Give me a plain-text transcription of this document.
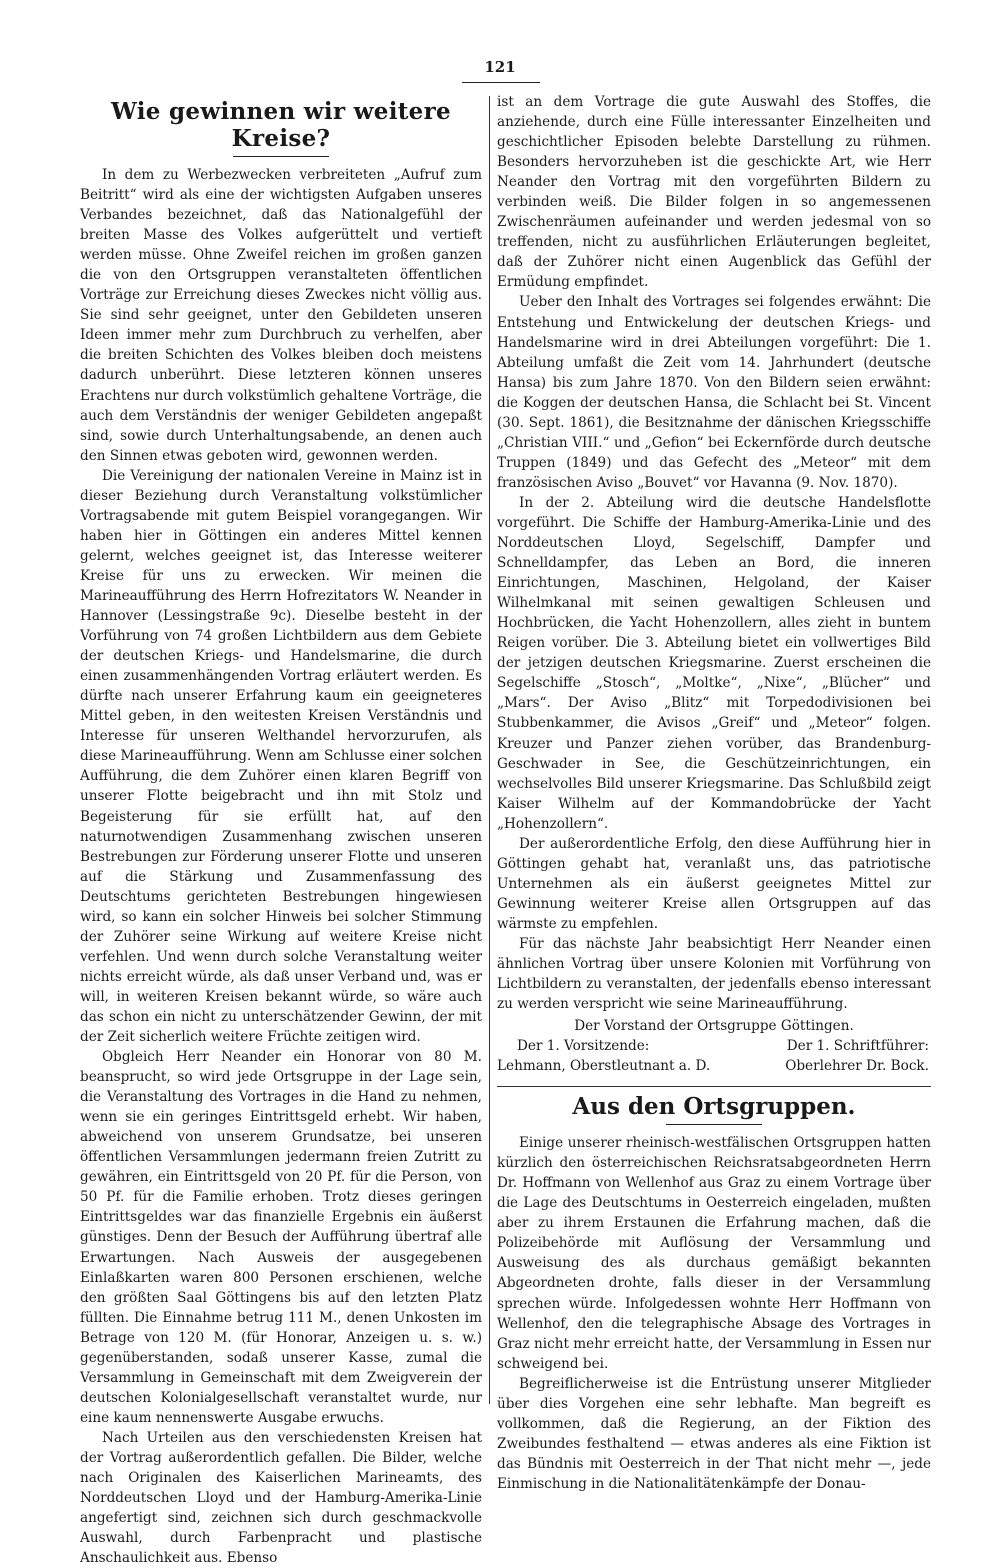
121
Wie gewinnen wir weitere Kreise?

In dem zu Werbezwecken verbreiteten „Aufruf zum Beitritt“ wird als eine der wichtigsten Aufgaben unseres Verbandes bezeichnet, daß das Nationalgefühl der breiten Masse des Volkes aufgerüttelt und vertieft werden müsse. Ohne Zweifel reichen im großen ganzen die von den Ortsgruppen veranstalteten öffentlichen Vorträge zur Erreichung dieses Zweckes nicht völlig aus. Sie sind sehr geeignet, unter den Gebildeten unseren Ideen immer mehr zum Durchbruch zu verhelfen, aber die breiten Schichten des Volkes bleiben doch meistens dadurch unberührt. Diese letzteren können unseres Erachtens nur durch volkstümlich gehaltene Vorträge, die auch dem Verständnis der weniger Gebildeten angepaßt sind, sowie durch Unterhaltungsabende, an denen auch den Sinnen etwas geboten wird, gewonnen werden.

Die Vereinigung der nationalen Vereine in Mainz ist in dieser Beziehung durch Veranstaltung volkstümlicher Vortragsabende mit gutem Beispiel vorangegangen. Wir haben hier in Göttingen ein anderes Mittel kennen gelernt, welches geeignet ist, das Interesse weiterer Kreise für uns zu erwecken. Wir meinen die Marineaufführung des Herrn Hofrezitators W. Neander in Hannover (Lessingstraße 9c). Dieselbe besteht in der Vorführung von 74 großen Lichtbildern aus dem Gebiete der deutschen Kriegs- und Handelsmarine, die durch einen zusammenhängenden Vortrag erläutert werden. Es dürfte nach unserer Erfahrung kaum ein geeigneteres Mittel geben, in den weitesten Kreisen Verständnis und Interesse für unseren Welthandel hervorzurufen, als diese Marineaufführung. Wenn am Schlusse einer solchen Aufführung, die dem Zuhörer einen klaren Begriff von unserer Flotte beigebracht und ihn mit Stolz und Begeisterung für sie erfüllt hat, auf den naturnotwendigen Zusammenhang zwischen unseren Bestrebungen zur Förderung unserer Flotte und unseren auf die Stärkung und Zusammenfassung des Deutschtums gerichteten Bestrebungen hingewiesen wird, so kann ein solcher Hinweis bei solcher Stimmung der Zuhörer seine Wirkung auf weitere Kreise nicht verfehlen. Und wenn durch solche Veranstaltung weiter nichts erreicht würde, als daß unser Verband und, was er will, in weiteren Kreisen bekannt würde, so wäre auch das schon ein nicht zu unterschätzender Gewinn, der mit der Zeit sicherlich weitere Früchte zeitigen wird.

Obgleich Herr Neander ein Honorar von 80 M. beansprucht, so wird jede Ortsgruppe in der Lage sein, die Veranstaltung des Vortrages in die Hand zu nehmen, wenn sie ein geringes Eintrittsgeld erhebt. Wir haben, abweichend von unserem Grundsatze, bei unseren öffentlichen Versammlungen jedermann freien Zutritt zu gewähren, ein Eintrittsgeld von 20 Pf. für die Person, von 50 Pf. für die Familie erhoben. Trotz dieses geringen Eintrittsgeldes war das finanzielle Ergebnis ein äußerst günstiges. Denn der Besuch der Aufführung übertraf alle Erwartungen. Nach Ausweis der ausgegebenen Einlaßkarten waren 800 Personen erschienen, welche den größten Saal Göttingens bis auf den letzten Platz füllten. Die Einnahme betrug 111 M., denen Unkosten im Betrage von 120 M. (für Honorar, Anzeigen u. s. w.) gegenüberstanden, sodaß unserer Kasse, zumal die Versammlung in Gemeinschaft mit dem Zweigverein der deutschen Kolonialgesellschaft veranstaltet wurde, nur eine kaum nennenswerte Ausgabe erwuchs.

Nach Urteilen aus den verschiedensten Kreisen hat der Vortrag außerordentlich gefallen. Die Bilder, welche nach Originalen des Kaiserlichen Marineamts, des Norddeutschen Lloyd und der Hamburg-Amerika-Linie angefertigt sind, zeichnen sich durch geschmackvolle Auswahl, durch Farbenpracht und plastische Anschaulichkeit aus. Ebenso

ist an dem Vortrage die gute Auswahl des Stoffes, die anziehende, durch eine Fülle interessanter Einzelheiten und geschichtlicher Episoden belebte Darstellung zu rühmen. Besonders hervorzuheben ist die geschickte Art, wie Herr Neander den Vortrag mit den vorgeführten Bildern zu verbinden weiß. Die Bilder folgen in so angemessenen Zwischenräumen aufeinander und werden jedesmal von so treffenden, nicht zu ausführlichen Erläuterungen begleitet, daß der Zuhörer nicht einen Augenblick das Gefühl der Ermüdung empfindet.

Ueber den Inhalt des Vortrages sei folgendes erwähnt: Die Entstehung und Entwickelung der deutschen Kriegs- und Handelsmarine wird in drei Abteilungen vorgeführt: Die 1. Abteilung umfaßt die Zeit vom 14. Jahrhundert (deutsche Hansa) bis zum Jahre 1870. Von den Bildern seien erwähnt: die Koggen der deutschen Hansa, die Schlacht bei St. Vincent (30. Sept. 1861), die Besitznahme der dänischen Kriegsschiffe „Christian VIII.“ und „Gefion“ bei Eckernförde durch deutsche Truppen (1849) und das Gefecht des „Meteor“ mit dem französischen Aviso „Bouvet“ vor Havanna (9. Nov. 1870).

In der 2. Abteilung wird die deutsche Handelsflotte vorgeführt. Die Schiffe der Hamburg-Amerika-Linie und des Norddeutschen Lloyd, Segelschiff, Dampfer und Schnelldampfer, das Leben an Bord, die inneren Einrichtungen, Maschinen, Helgoland, der Kaiser Wilhelmkanal mit seinen gewaltigen Schleusen und Hochbrücken, die Yacht Hohenzollern, alles zieht in buntem Reigen vorüber. Die 3. Abteilung bietet ein vollwertiges Bild der jetzigen deutschen Kriegsmarine. Zuerst erscheinen die Segelschiffe „Stosch“, „Moltke“, „Nixe“, „Blücher“ und „Mars“. Der Aviso „Blitz“ mit Torpedodivisionen bei Stubbenkammer, die Avisos „Greif“ und „Meteor“ folgen. Kreuzer und Panzer ziehen vorüber, das Brandenburg-Geschwader in See, die Geschützeinrichtungen, ein wechselvolles Bild unserer Kriegsmarine. Das Schlußbild zeigt Kaiser Wilhelm auf der Kommandobrücke der Yacht „Hohenzollern“.

Der außerordentliche Erfolg, den diese Aufführung hier in Göttingen gehabt hat, veranlaßt uns, das patriotische Unternehmen als ein äußerst geeignetes Mittel zur Gewinnung weiterer Kreise allen Ortsgruppen auf das wärmste zu empfehlen.

Für das nächste Jahr beabsichtigt Herr Neander einen ähnlichen Vortrag über unsere Kolonien mit Vorführung von Lichtbildern zu veranstalten, der jedenfalls ebenso interessant zu werden verspricht wie seine Marineaufführung.

Der Vorstand der Ortsgruppe Göttingen.
Der 1. Vorsitzende:	Der 1. Schriftführer:
Lehmann, Oberstleutnant a. D.	Oberlehrer Dr. Bock.
Aus den Ortsgruppen.

Einige unserer rheinisch-westfälischen Ortsgruppen hatten kürzlich den österreichischen Reichsratsabgeordneten Herrn Dr. Hoffmann von Wellenhof aus Graz zu einem Vortrage über die Lage des Deutschtums in Oesterreich eingeladen, mußten aber zu ihrem Erstaunen die Erfahrung machen, daß die Polizeibehörde mit Auflösung der Versammlung und Ausweisung des als durchaus gemäßigt bekannten Abgeordneten drohte, falls dieser in der Versammlung sprechen würde. Infolgedessen wohnte Herr Hoffmann von Wellenhof, den die telegraphische Absage des Vortrages in Graz nicht mehr erreicht hatte, der Versammlung in Essen nur schweigend bei.

Begreiflicherweise ist die Entrüstung unserer Mitglieder über dies Vorgehen eine sehr lebhafte. Man begreift es vollkommen, daß die Regierung, an der Fiktion des Zweibundes festhaltend — etwas anderes als eine Fiktion ist das Bündnis mit Oesterreich in der That nicht mehr —, jede Einmischung in die Nationalitätenkämpfe der Donau-
